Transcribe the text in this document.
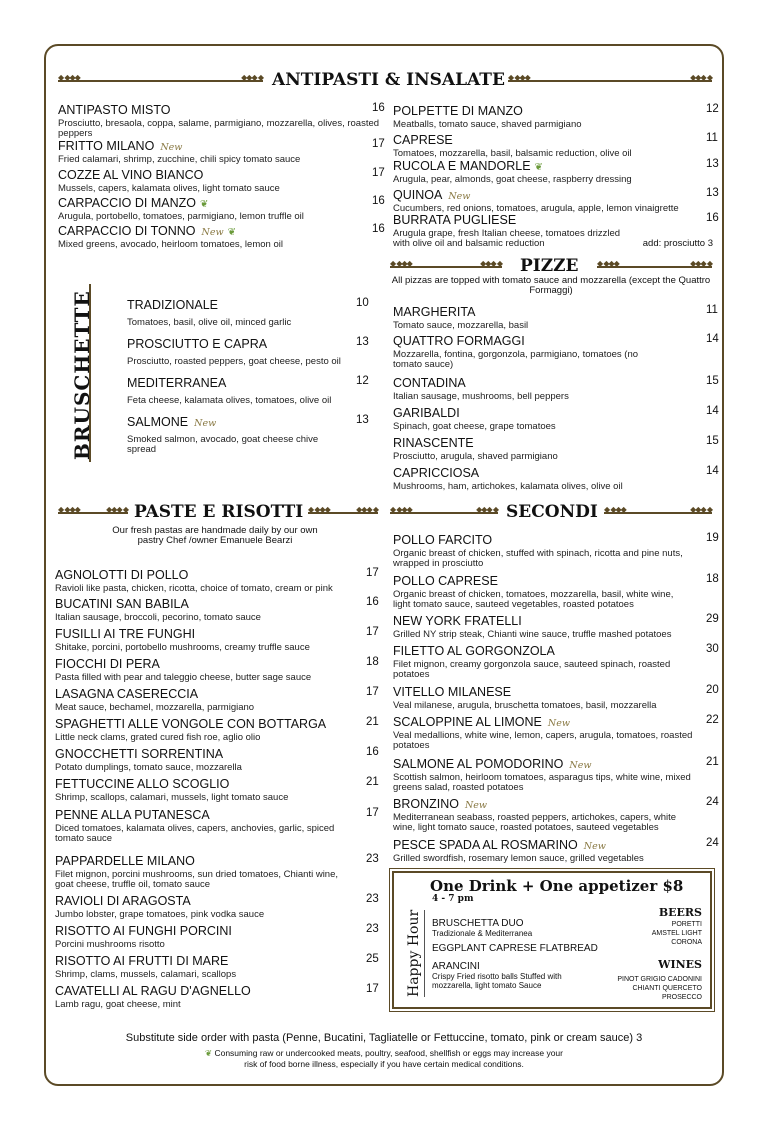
◆ ◆◆◆ ◆◆◆ ◆
ANTIPASTI & INSALATE
◆ ◆◆◆ ◆◆◆ ◆
BRUSCHETTE
◆ ◆◆◆ ◆◆◆ ◆
PIZZE
◆ ◆◆◆ ◆◆◆ ◆
All pizzas are topped with tomato sauce and mozzarella (except the Quattro Formaggi)
◆ ◆◆◆ ◆◆◆ ◆
PASTE E RISOTTI
◆ ◆◆◆ ◆◆◆ ◆
Our fresh pastas are handmade daily by our own pastry Chef /owner Emanuele Bearzi
◆ ◆◆◆ ◆◆◆ ◆
SECONDI
◆ ◆◆◆ ◆◆◆ ◆
ANTIPASTO MISTO
Prosciutto, bresaola, coppa, salame, parmigiano, mozzarella, olives, roasted peppers
16
FRITTO MILANO New
Fried calamari, shrimp, zucchine, chili spicy tomato sauce
17
COZZE AL VINO BIANCO
Mussels, capers, kalamata olives, light tomato sauce
17
CARPACCIO DI MANZO ❦
Arugula, portobello, tomatoes, parmigiano, lemon truffle oil
16
CARPACCIO DI TONNO New ❦
Mixed greens, avocado, heirloom tomatoes, lemon oil
16
POLPETTE DI MANZO
Meatballs, tomato sauce, shaved parmigiano
12
CAPRESE
Tomatoes, mozzarella, basil, balsamic reduction, olive oil
11
RUCOLA E MANDORLE ❦
Arugula, pear, almonds, goat cheese, raspberry dressing
13
QUINOA New
Cucumbers, red onions, tomatoes, arugula, apple, lemon vinaigrette
13
BURRATA PUGLIESE
Arugula grape, fresh Italian cheese, tomatoes drizzled with olive oil and balsamic reduction	add: prosciutto 3
16
TRADIZIONALE
Tomatoes, basil, olive oil, minced garlic
10
PROSCIUTTO E CAPRA
Prosciutto, roasted peppers, goat cheese, pesto oil
13
MEDITERRANEA
Feta cheese, kalamata olives, tomatoes, olive oil
12
SALMONE New
Smoked salmon, avocado, goat cheese chive spread
13
MARGHERITA
Tomato sauce, mozzarella, basil
11
QUATTRO FORMAGGI
Mozzarella, fontina, gorgonzola, parmigiano, tomatoes (no tomato sauce)
14
CONTADINA
Italian sausage, mushrooms, bell peppers
15
GARIBALDI
Spinach, goat cheese, grape tomatoes
14
RINASCENTE
Prosciutto, arugula, shaved parmigiano
15
CAPRICCIOSA
Mushrooms, ham, artichokes, kalamata olives, olive oil
14
AGNOLOTTI DI POLLO
Ravioli like pasta, chicken, ricotta, choice of tomato, cream or pink
17
BUCATINI SAN BABILA
Italian sausage, broccoli, pecorino, tomato sauce
16
FUSILLI AI TRE FUNGHI
Shitake, porcini, portobello mushrooms, creamy truffle sauce
17
FIOCCHI DI PERA
Pasta filled with pear and taleggio cheese, butter sage sauce
18
LASAGNA CASERECCIA
Meat sauce, bechamel, mozzarella, parmigiano
17
SPAGHETTI ALLE VONGOLE CON BOTTARGA
Little neck clams, grated cured fish roe, aglio olio
21
GNOCCHETTI SORRENTINA
Potato dumplings, tomato sauce, mozzarella
16
FETTUCCINE ALLO SCOGLIO
Shrimp, scallops, calamari, mussels, light tomato sauce
21
PENNE ALLA PUTANESCA
Diced tomatoes, kalamata olives, capers, anchovies, garlic, spiced tomato sauce
17
PAPPARDELLE MILANO
Filet mignon, porcini mushrooms, sun dried tomatoes, Chianti wine, goat cheese, truffle oil, tomato sauce
23
RAVIOLI DI ARAGOSTA
Jumbo lobster, grape tomatoes, pink vodka sauce
23
RISOTTO AI FUNGHI PORCINI
Porcini mushrooms risotto
23
RISOTTO AI FRUTTI DI MARE
Shrimp, clams, mussels, calamari, scallops
25
CAVATELLI AL RAGU D'AGNELLO
Lamb ragu, goat cheese, mint
17
POLLO FARCITO
Organic breast of chicken, stuffed with spinach, ricotta and pine nuts, wrapped in prosciutto
19
POLLO CAPRESE
Organic breast of chicken, tomatoes, mozzarella, basil, white wine, light tomato sauce, sauteed vegetables, roasted potatoes
18
NEW YORK FRATELLI
Grilled NY strip steak, Chianti wine sauce, truffle mashed potatoes
29
FILETTO AL GORGONZOLA
Filet mignon, creamy gorgonzola sauce, sauteed spinach, roasted potatoes
30
VITELLO MILANESE
Veal milanese, arugula, bruschetta tomatoes, basil, mozzarella
20
SCALOPPINE AL LIMONE New
Veal medallions, white wine, lemon, capers, arugula, tomatoes, roasted potatoes
22
SALMONE AL POMODORINO New
Scottish salmon, heirloom tomatoes, asparagus tips, white wine, mixed greens salad, roasted potatoes
21
BRONZINO New
Mediterranean seabass, roasted peppers, artichokes, capers, white wine, light tomato sauce, roasted potatoes, sauteed vegetables
24
PESCE SPADA AL ROSMARINO New
Grilled swordfish, rosemary lemon sauce, grilled vegetables
24
One Drink + One appetizer $8
4 - 7 pm
Happy Hour	BRUSCHETTA DUO
Tradizionale & Mediterranea
EGGPLANT CAPRESE FLATBREAD
ARANCINI
Crispy Fried risotto balls Stuffed with mozzarella, light tomato Sauce
BEERS
PORETTI
AMSTEL LIGHT
CORONA
WINES
PINOT GRIGIO CADONINI
CHIANTI QUERCETO
PROSECCO
Substitute side order with pasta (Penne, Bucatini, Tagliatelle or Fettuccine, tomato, pink or cream sauce) 3
❦ Consuming raw or undercooked meats, poultry, seafood, shellfish or eggs may increase your risk of food borne illness, especially if you have certain medical conditions.
